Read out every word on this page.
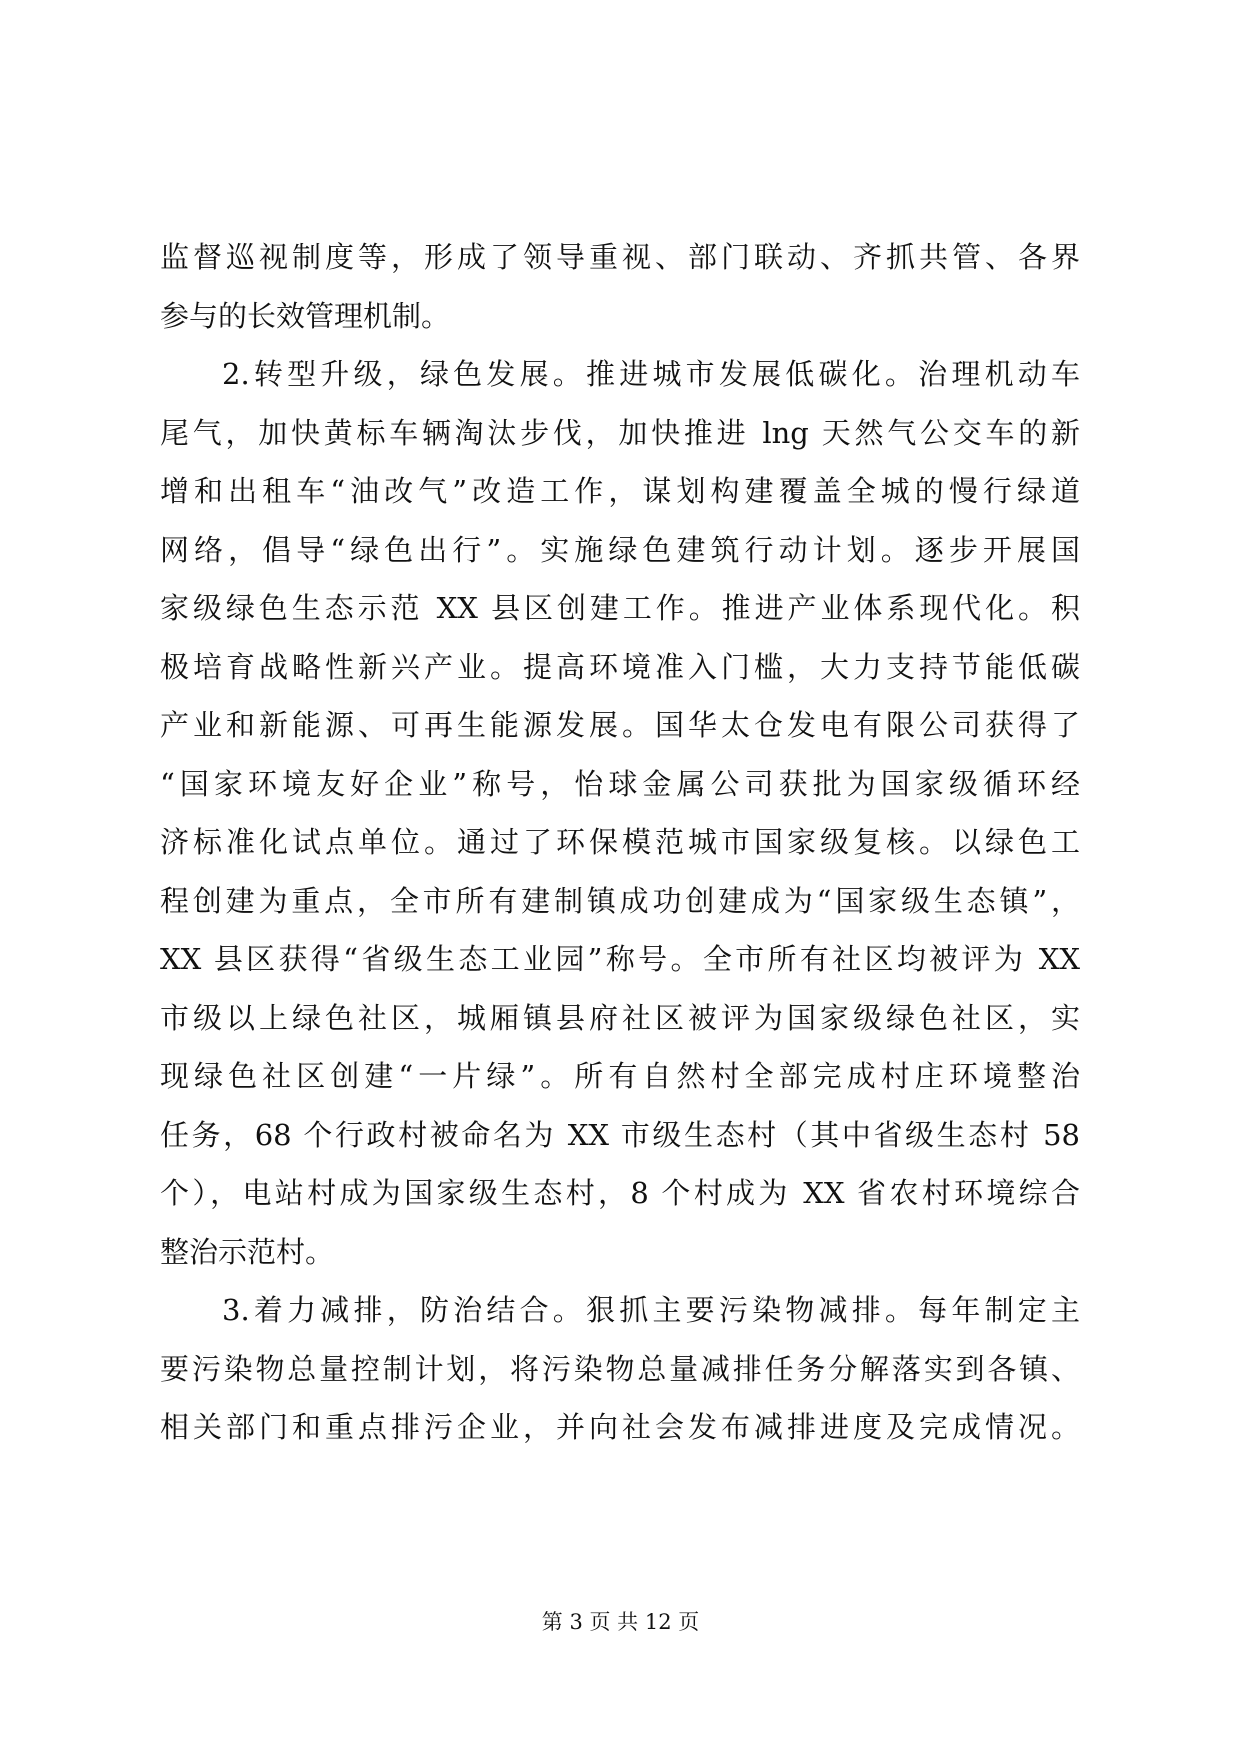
监督巡视制度等，形成了领导重视、部门联动、齐抓共管、各界
参与的长效管理机制。
2.转型升级，绿色发展。推进城市发展低碳化。治理机动车
尾气，加快黄标车辆淘汰步伐，加快推进 lng 天然气公交车的新
增和出租车“油改气”改造工作，谋划构建覆盖全城的慢行绿道
网络，倡导“绿色出行”。实施绿色建筑行动计划。逐步开展国
家级绿色生态示范 XX 县区创建工作。推进产业体系现代化。积
极培育战略性新兴产业。提高环境准入门槛，大力支持节能低碳
产业和新能源、可再生能源发展。国华太仓发电有限公司获得了
“国家环境友好企业”称号，怡球金属公司获批为国家级循环经
济标准化试点单位。通过了环保模范城市国家级复核。以绿色工
程创建为重点，全市所有建制镇成功创建成为“国家级生态镇”，
XX 县区获得“省级生态工业园”称号。全市所有社区均被评为 XX
市级以上绿色社区，城厢镇县府社区被评为国家级绿色社区，实
现绿色社区创建“一片绿”。所有自然村全部完成村庄环境整治
任务，68 个行政村被命名为 XX 市级生态村（其中省级生态村 58
个），电站村成为国家级生态村，8 个村成为 XX 省农村环境综合
整治示范村。
3.着力减排，防治结合。狠抓主要污染物减排。每年制定主
要污染物总量控制计划，将污染物总量减排任务分解落实到各镇、
相关部门和重点排污企业，并向社会发布减排进度及完成情况。
第 3 页 共 12 页
